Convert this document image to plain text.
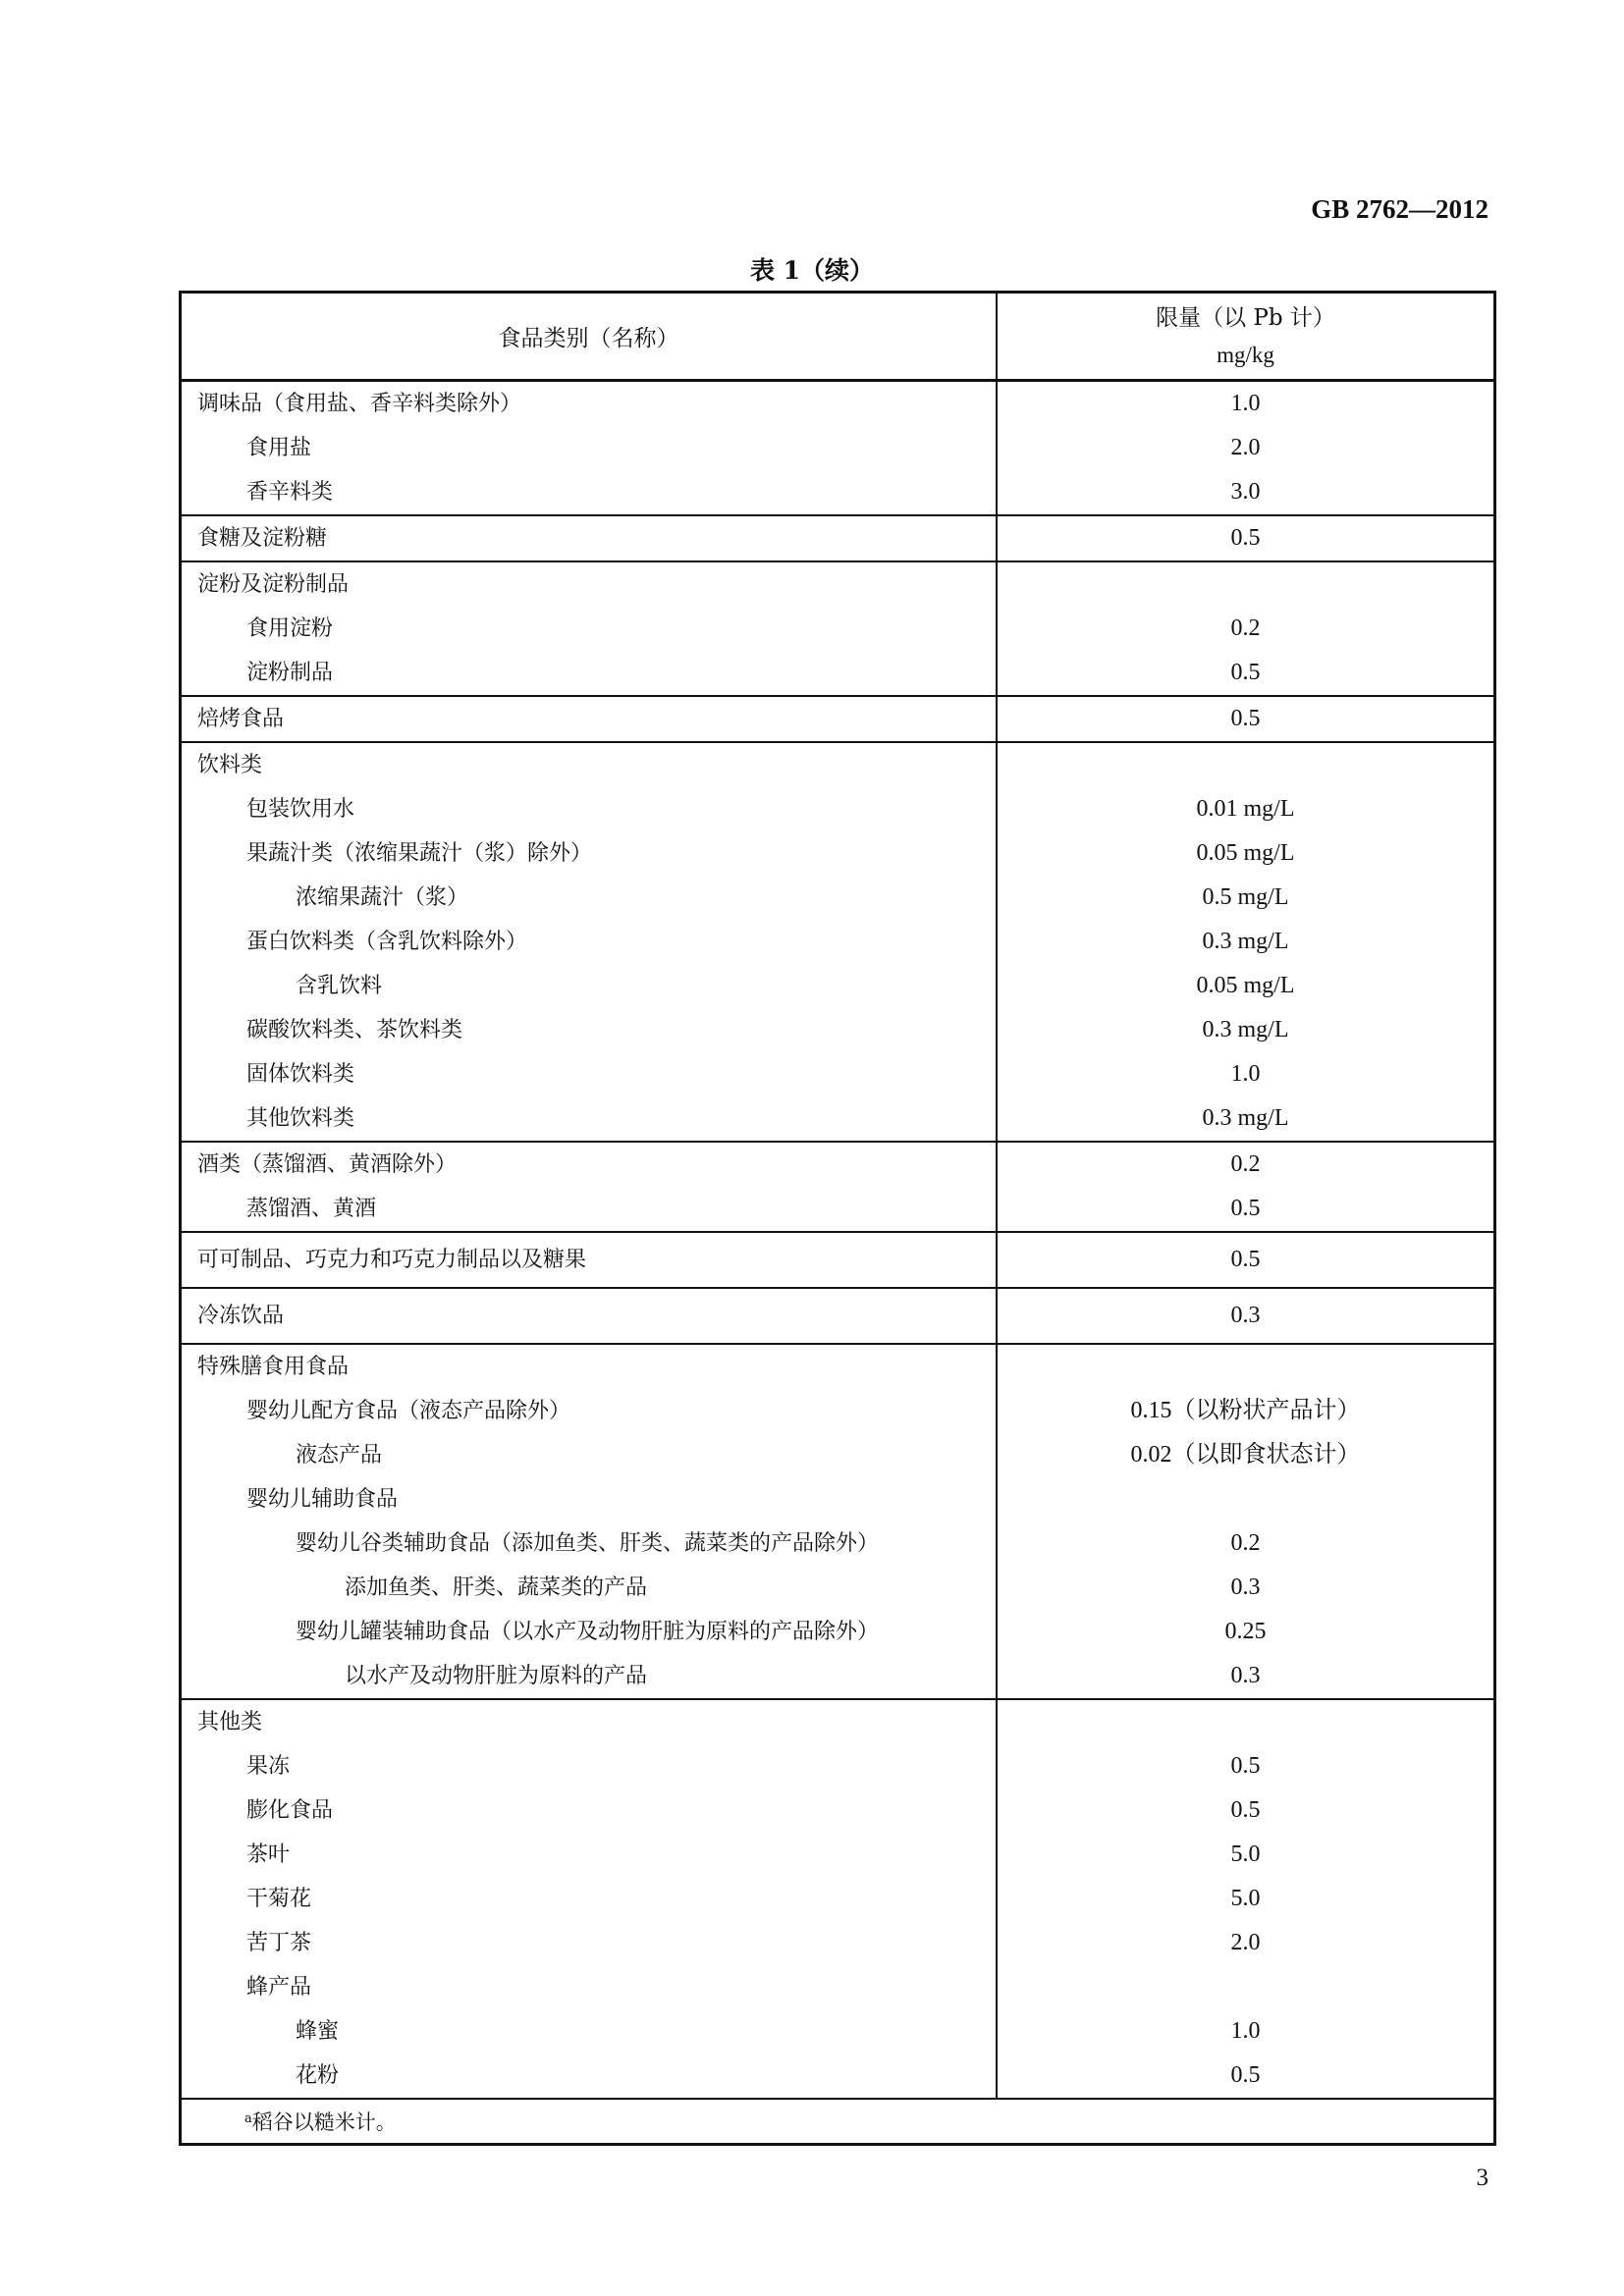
GB 2762—2012
表 1（续）
食品类别（名称）	限量（以 Pb 计）
mg/kg

调味品（食用盐、香辛料类除外）	1.0

食用盐	2.0

香辛料类	3.0

食糖及淀粉糖	0.5

淀粉及淀粉制品	

食用淀粉	0.2

淀粉制品	0.5

焙烤食品	0.5

饮料类	

包装饮用水	0.01 mg/L

果蔬汁类（浓缩果蔬汁（浆）除外）	0.05 mg/L

浓缩果蔬汁（浆）	0.5 mg/L

蛋白饮料类（含乳饮料除外）	0.3 mg/L

含乳饮料	0.05 mg/L

碳酸饮料类、茶饮料类	0.3 mg/L

固体饮料类	1.0

其他饮料类	0.3 mg/L

酒类（蒸馏酒、黄酒除外）	0.2

蒸馏酒、黄酒	0.5

可可制品、巧克力和巧克力制品以及糖果	0.5

冷冻饮品	0.3

特殊膳食用食品	

婴幼儿配方食品（液态产品除外）	0.15（以粉状产品计）

液态产品	0.02（以即食状态计）

婴幼儿辅助食品	

婴幼儿谷类辅助食品（添加鱼类、肝类、蔬菜类的产品除外）	0.2

添加鱼类、肝类、蔬菜类的产品	0.3

婴幼儿罐装辅助食品（以水产及动物肝脏为原料的产品除外）	0.25

以水产及动物肝脏为原料的产品	0.3

其他类	

果冻	0.5

膨化食品	0.5

茶叶	5.0

干菊花	5.0

苦丁茶	2.0

蜂产品	

蜂蜜	1.0

花粉	0.5

$^a$稻谷以糙米计。	
3
